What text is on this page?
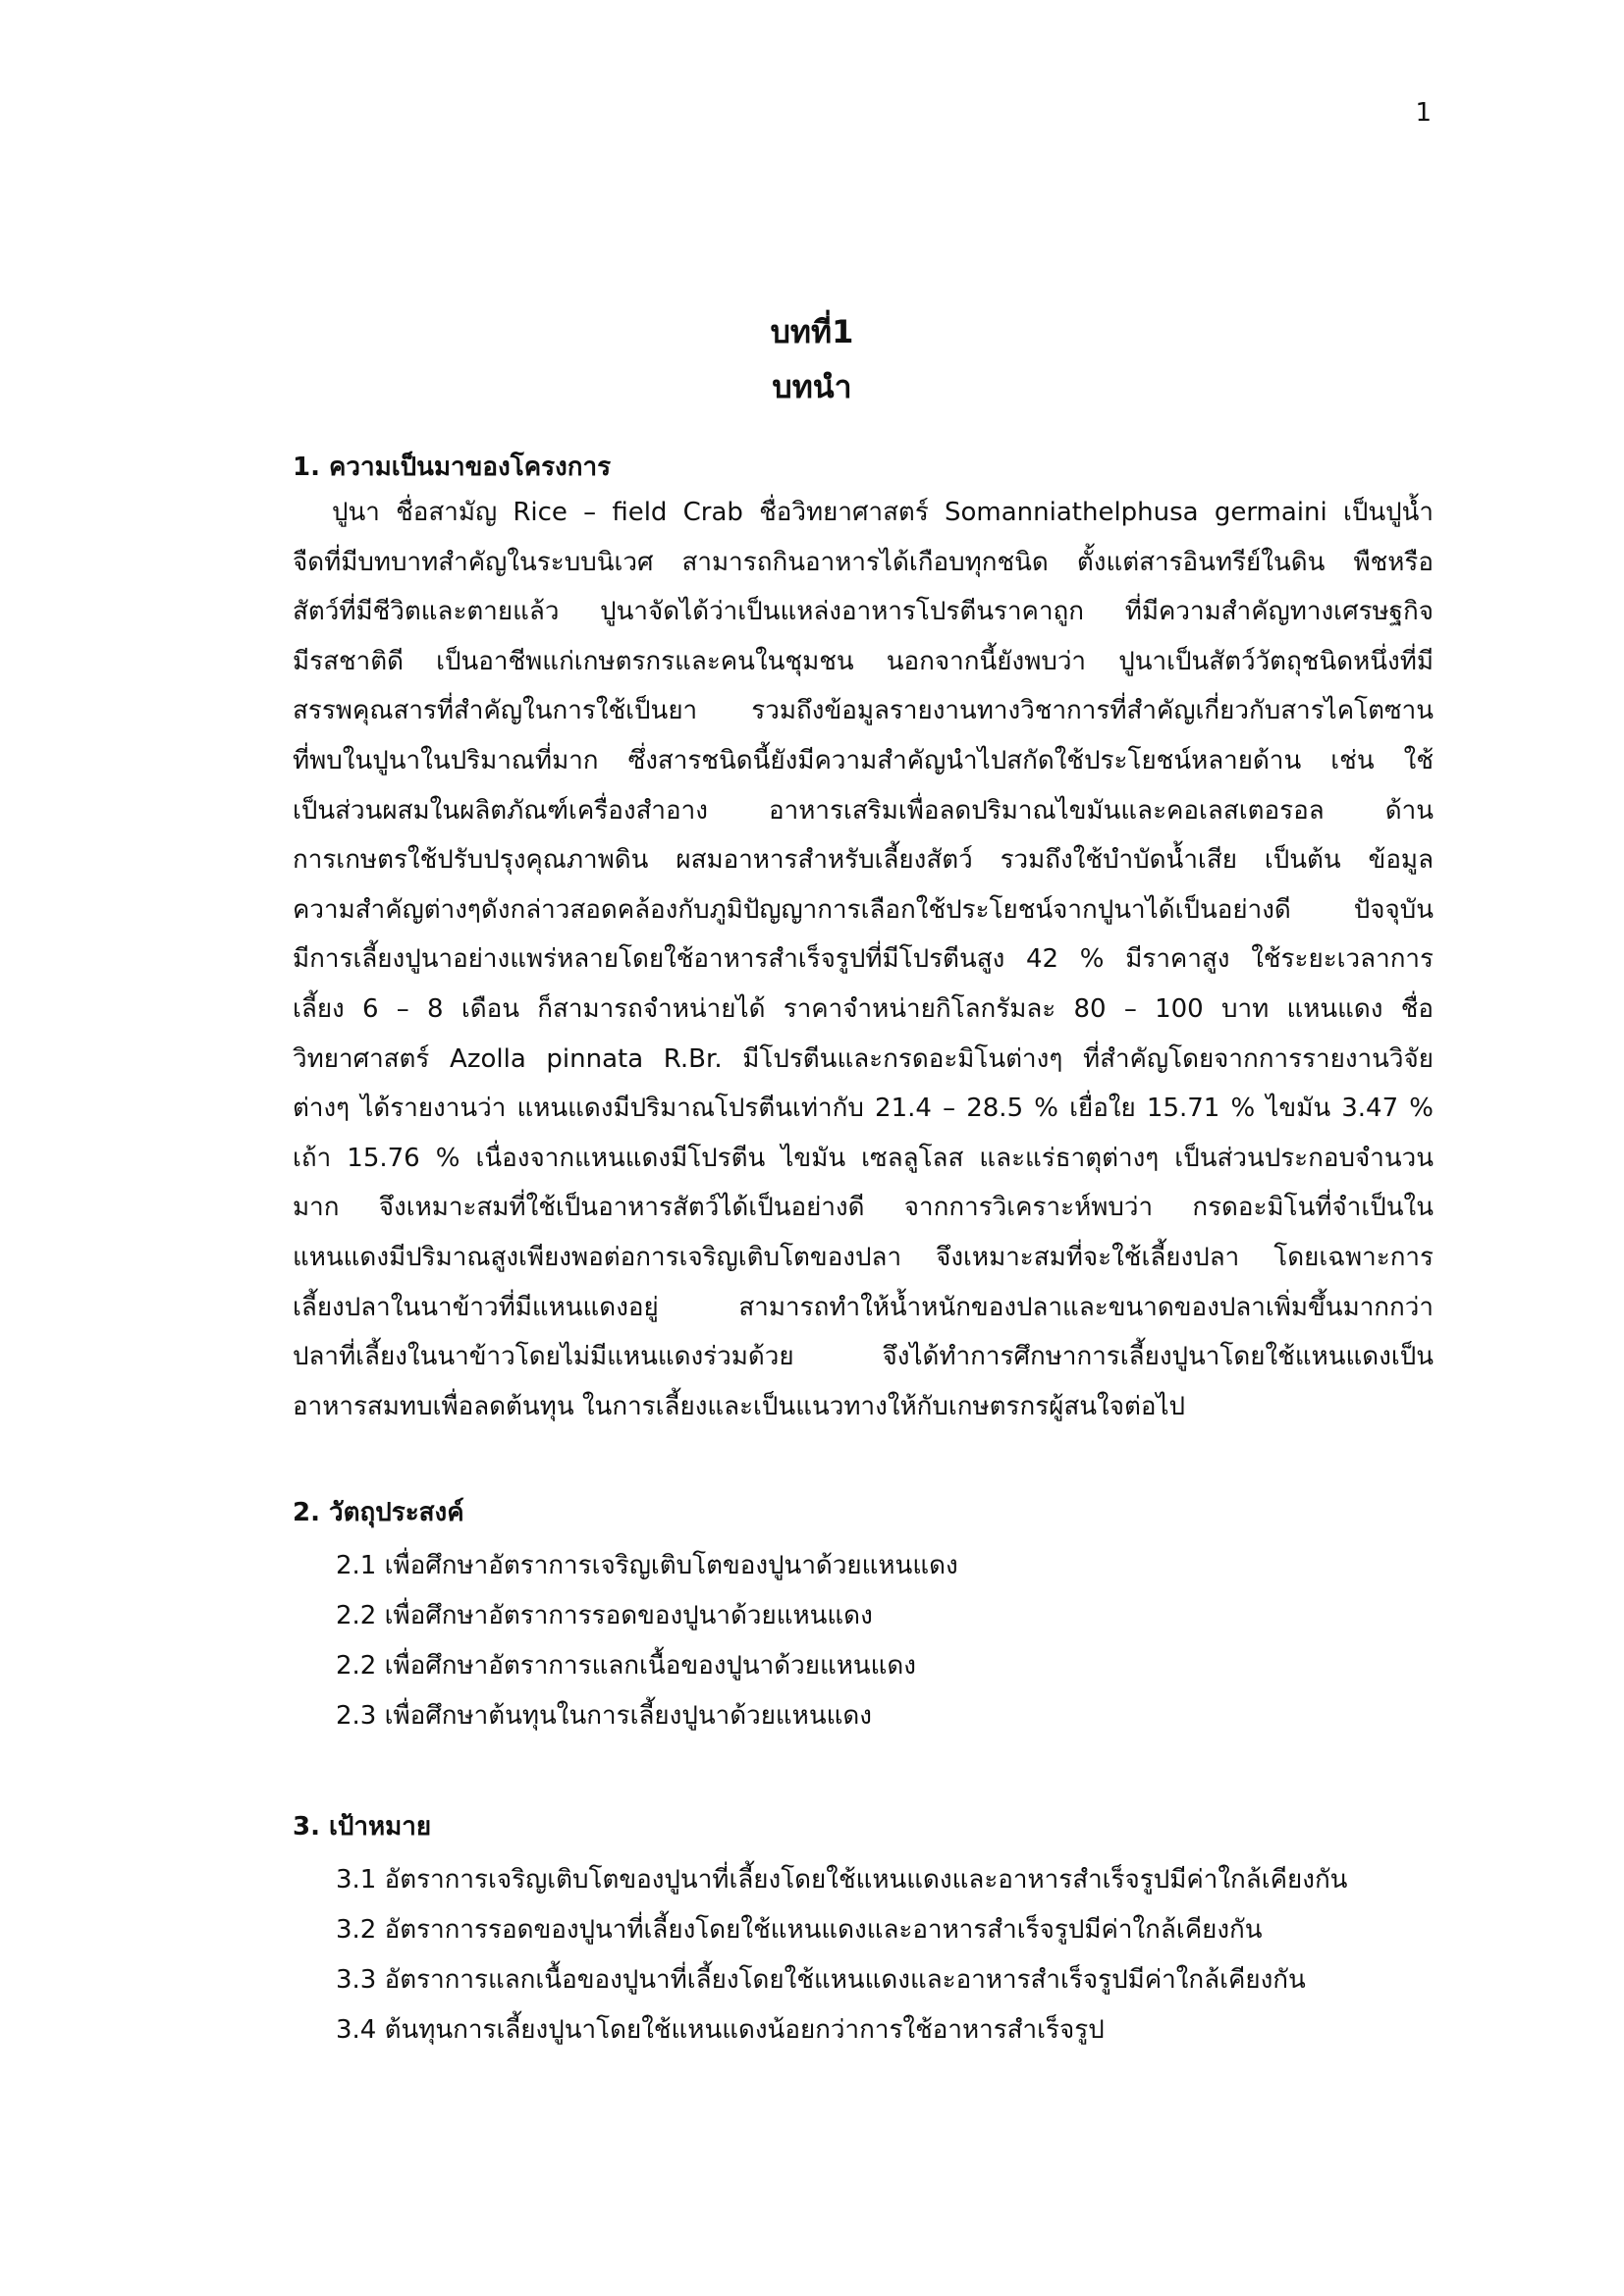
1
บทที่1
บทนำ
1. ความเป็นมาของโครงการ
ปูนา ชื่อสามัญ Rice – field Crab ชื่อวิทยาศาสตร์ Somanniathelphusa germaini เป็นปูน้ำ
จืดที่มีบทบาทสำคัญในระบบนิเวศ สามารถกินอาหารได้เกือบทุกชนิด ตั้งแต่สารอินทรีย์ในดิน พืชหรือ
สัตว์ที่มีชีวิตและตายแล้ว ปูนาจัดได้ว่าเป็นแหล่งอาหารโปรตีนราคาถูก ที่มีความสำคัญทางเศรษฐกิจ
มีรสชาติดี เป็นอาชีพแก่เกษตรกรและคนในชุมชน นอกจากนี้ยังพบว่า ปูนาเป็นสัตว์วัตถุชนิดหนึ่งที่มี
สรรพคุณสารที่สำคัญในการใช้เป็นยา รวมถึงข้อมูลรายงานทางวิชาการที่สำคัญเกี่ยวกับสารไคโตซาน
ที่พบในปูนาในปริมาณที่มาก ซึ่งสารชนิดนี้ยังมีความสำคัญนำไปสกัดใช้ประโยชน์หลายด้าน เช่น ใช้
เป็นส่วนผสมในผลิตภัณฑ์เครื่องสำอาง อาหารเสริมเพื่อลดปริมาณไขมันและคอเลสเตอรอล ด้าน
การเกษตรใช้ปรับปรุงคุณภาพดิน ผสมอาหารสำหรับเลี้ยงสัตว์ รวมถึงใช้บำบัดน้ำเสีย เป็นต้น ข้อมูล
ความสำคัญต่างๆดังกล่าวสอดคล้องกับภูมิปัญญาการเลือกใช้ประโยชน์จากปูนาได้เป็นอย่างดี ปัจจุบัน
มีการเลี้ยงปูนาอย่างแพร่หลายโดยใช้อาหารสำเร็จรูปที่มีโปรตีนสูง 42 % มีราคาสูง ใช้ระยะเวลาการ
เลี้ยง 6 – 8 เดือน ก็สามารถจำหน่ายได้ ราคาจำหน่ายกิโลกรัมละ 80 – 100 บาท แหนแดง ชื่อ
วิทยาศาสตร์ Azolla pinnata R.Br. มีโปรตีนและกรดอะมิโนต่างๆ ที่สำคัญโดยจากการรายงานวิจัย
ต่างๆ ได้รายงานว่า แหนแดงมีปริมาณโปรตีนเท่ากับ 21.4 – 28.5 % เยื่อใย 15.71 % ไขมัน 3.47 %
เถ้า 15.76 % เนื่องจากแหนแดงมีโปรตีน ไขมัน เซลลูโลส และแร่ธาตุต่างๆ เป็นส่วนประกอบจำนวน
มาก จึงเหมาะสมที่ใช้เป็นอาหารสัตว์ได้เป็นอย่างดี จากการวิเคราะห์พบว่า กรดอะมิโนที่จำเป็นใน
แหนแดงมีปริมาณสูงเพียงพอต่อการเจริญเติบโตของปลา จึงเหมาะสมที่จะใช้เลี้ยงปลา โดยเฉพาะการ
เลี้ยงปลาในนาข้าวที่มีแหนแดงอยู่ สามารถทำให้น้ำหนักของปลาและขนาดของปลาเพิ่มขึ้นมากกว่า
ปลาที่เลี้ยงในนาข้าวโดยไม่มีแหนแดงร่วมด้วย จึงได้ทำการศึกษาการเลี้ยงปูนาโดยใช้แหนแดงเป็น
อาหารสมทบเพื่อลดต้นทุน ในการเลี้ยงและเป็นแนวทางให้กับเกษตรกรผู้สนใจต่อไป
2. วัตถุประสงค์
2.1 เพื่อศึกษาอัตราการเจริญเติบโตของปูนาด้วยแหนแดง
2.2 เพื่อศึกษาอัตราการรอดของปูนาด้วยแหนแดง
2.2 เพื่อศึกษาอัตราการแลกเนื้อของปูนาด้วยแหนแดง
2.3 เพื่อศึกษาต้นทุนในการเลี้ยงปูนาด้วยแหนแดง
3. เป้าหมาย
3.1 อัตราการเจริญเติบโตของปูนาที่เลี้ยงโดยใช้แหนแดงและอาหารสำเร็จรูปมีค่าใกล้เคียงกัน
3.2 อัตราการรอดของปูนาที่เลี้ยงโดยใช้แหนแดงและอาหารสำเร็จรูปมีค่าใกล้เคียงกัน
3.3 อัตราการแลกเนื้อของปูนาที่เลี้ยงโดยใช้แหนแดงและอาหารสำเร็จรูปมีค่าใกล้เคียงกัน
3.4 ต้นทุนการเลี้ยงปูนาโดยใช้แหนแดงน้อยกว่าการใช้อาหารสำเร็จรูป
